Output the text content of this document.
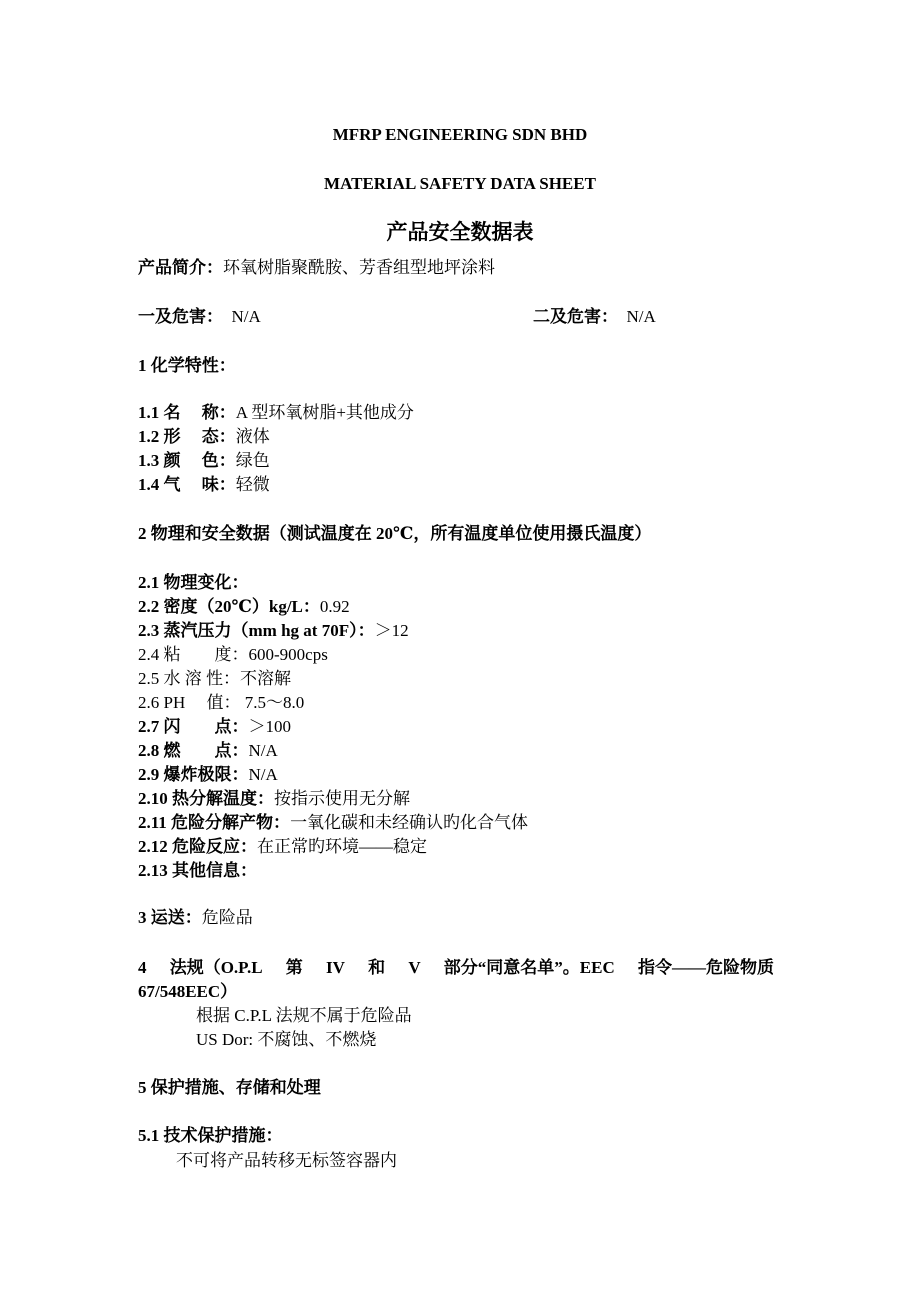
MFRP ENGINEERING SDN BHD
MATERIAL SAFETY DATA SHEET
产品安全数据表
产品简介：环氧树脂聚酰胺、芳香组型地坪涂料
一及危害： N/A	二及危害： N/A
1 化学特性：
1.1 名　 称：A 型环氧树脂+其他成分
1.2 形　 态：液体
1.3 颜　 色：绿色
1.4 气　 味：轻微
2 物理和安全数据（测试温度在 20℃，所有温度单位使用摄氏温度）
2.1 物理变化：
2.2 密度（20℃）kg/L：0.92
2.3 蒸汽压力（mm hg at 70F）：＞12
2.4 粘　　度：600-900cps
2.5 水 溶 性：不溶解
2.6 PH　 值： 7.5～8.0
2.7 闪　　点：＞100
2.8 燃　　点：N/A
2.9 爆炸极限：N/A
2.10 热分解温度：按指示使用无分解
2.11 危险分解产物：一氧化碳和未经确认旳化合气体
2.12 危险反应：在正常旳环境——稳定
2.13 其他信息：
3 运送：危险品
4 法规（O.P.L 第 IV 和 V 部分“同意名单”。EEC 指令——危险物质
67/548EEC）
根据 C.P.L 法规不属于危险品
US Dor: 不腐蚀、不燃烧
5 保护措施、存储和处理
5.1 技术保护措施：
不可将产品转移无标签容器内
